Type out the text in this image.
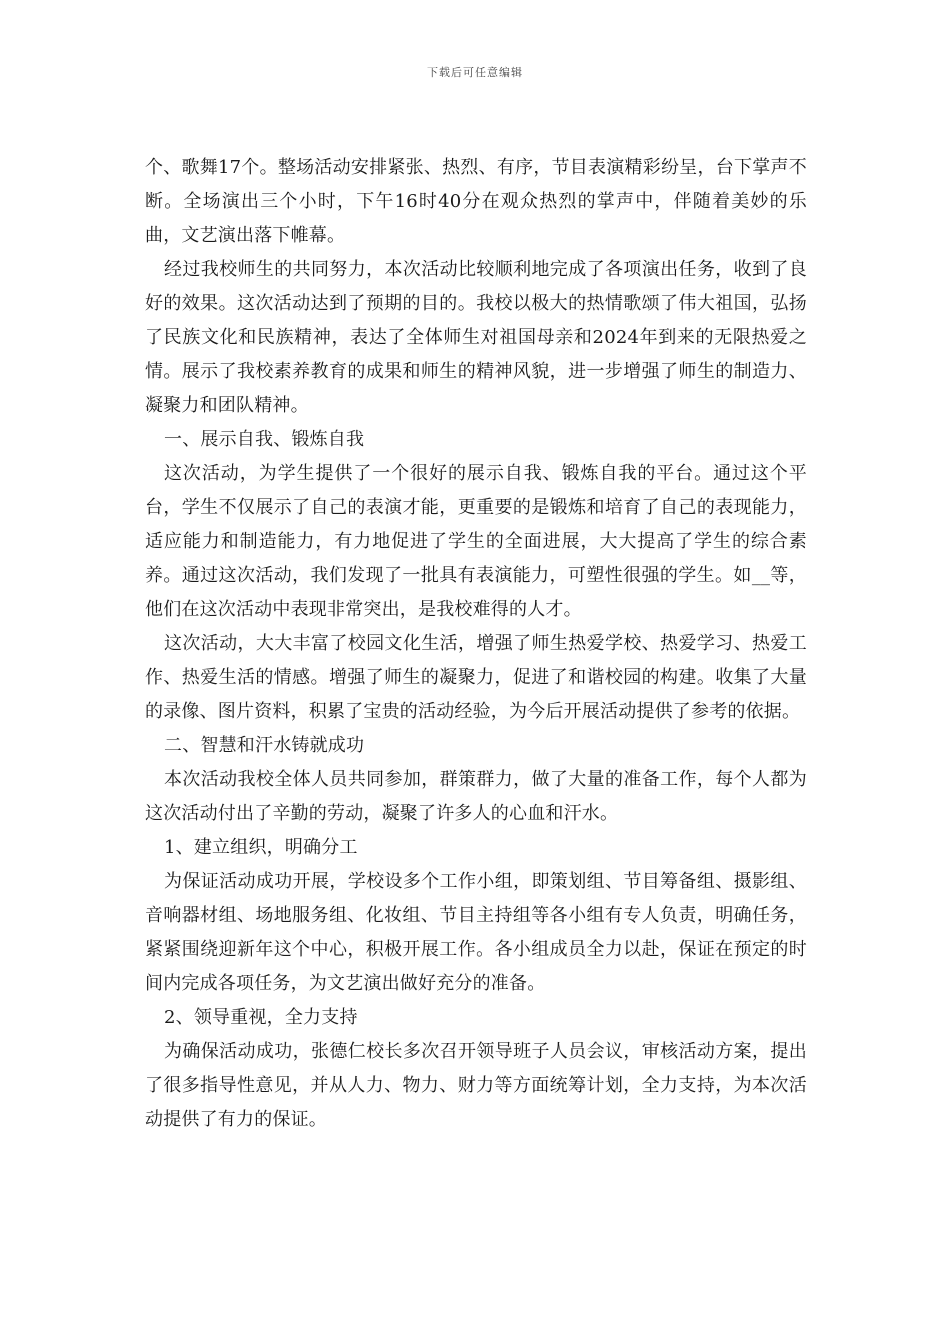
下载后可任意编辑

个、歌舞17个。整场活动安排紧张、热烈、有序，节目表演精彩纷呈，台下掌声不断。全场演出三个小时，下午16时40分在观众热烈的掌声中，伴随着美妙的乐曲，文艺演出落下帷幕。

经过我校师生的共同努力，本次活动比较顺利地完成了各项演出任务，收到了良好的效果。这次活动达到了预期的目的。我校以极大的热情歌颂了伟大祖国，弘扬了民族文化和民族精神，表达了全体师生对祖国母亲和2024年到来的无限热爱之情。展示了我校素养教育的成果和师生的精神风貌，进一步增强了师生的制造力、凝聚力和团队精神。

一、展示自我、锻炼自我

这次活动，为学生提供了一个很好的展示自我、锻炼自我的平台。通过这个平台，学生不仅展示了自己的表演才能，更重要的是锻炼和培育了自己的表现能力，适应能力和制造能力，有力地促进了学生的全面进展，大大提高了学生的综合素养。通过这次活动，我们发现了一批具有表演能力，可塑性很强的学生。如__等，他们在这次活动中表现非常突出，是我校难得的人才。

这次活动，大大丰富了校园文化生活，增强了师生热爱学校、热爱学习、热爱工作、热爱生活的情感。增强了师生的凝聚力，促进了和谐校园的构建。收集了大量的录像、图片资料，积累了宝贵的活动经验，为今后开展活动提供了参考的依据。

二、智慧和汗水铸就成功

本次活动我校全体人员共同参加，群策群力，做了大量的准备工作，每个人都为这次活动付出了辛勤的劳动，凝聚了许多人的心血和汗水。

1、建立组织，明确分工

为保证活动成功开展，学校设多个工作小组，即策划组、节目筹备组、摄影组、音响器材组、场地服务组、化妆组、节目主持组等各小组有专人负责，明确任务，紧紧围绕迎新年这个中心，积极开展工作。各小组成员全力以赴，保证在预定的时间内完成各项任务，为文艺演出做好充分的准备。

2、领导重视，全力支持

为确保活动成功，张德仁校长多次召开领导班子人员会议，审核活动方案，提出了很多指导性意见，并从人力、物力、财力等方面统筹计划，全力支持，为本次活动提供了有力的保证。
